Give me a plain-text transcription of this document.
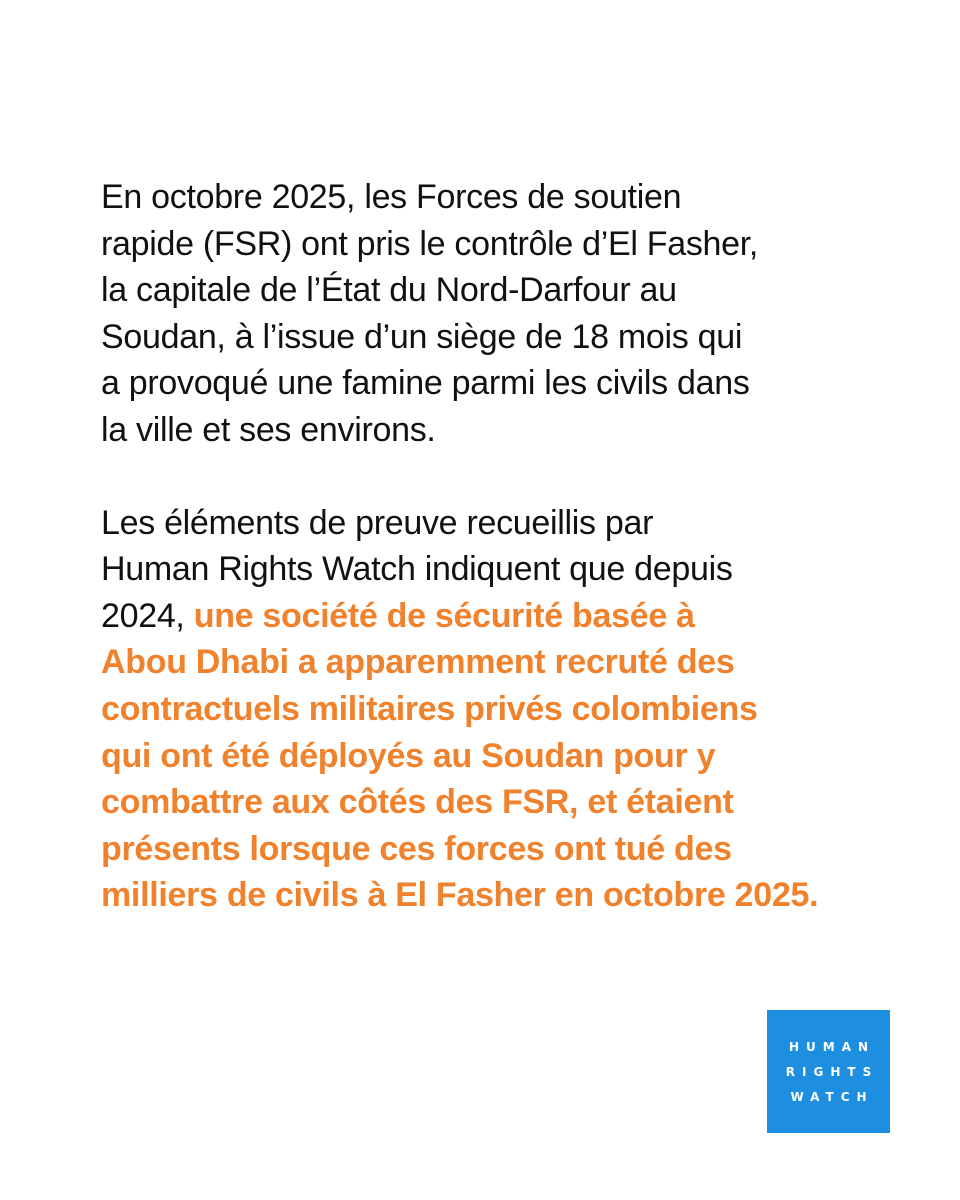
En octobre 2025, les Forces de soutien
rapide (FSR) ont pris le contrôle d’El Fasher,
la capitale de l’État du Nord-Darfour au
Soudan, à l’issue d’un siège de 18 mois qui
a provoqué une famine parmi les civils dans
la ville et ses environs.

Les éléments de preuve recueillis par
Human Rights Watch indiquent que depuis
2024, une société de sécurité basée à
Abou Dhabi a apparemment recruté des
contractuels militaires privés colombiens
qui ont été déployés au Soudan pour y
combattre aux côtés des FSR, et étaient
présents lorsque ces forces ont tué des
milliers de civils à El Fasher en octobre 2025.

HUMAN
RIGHTS
WATCH
